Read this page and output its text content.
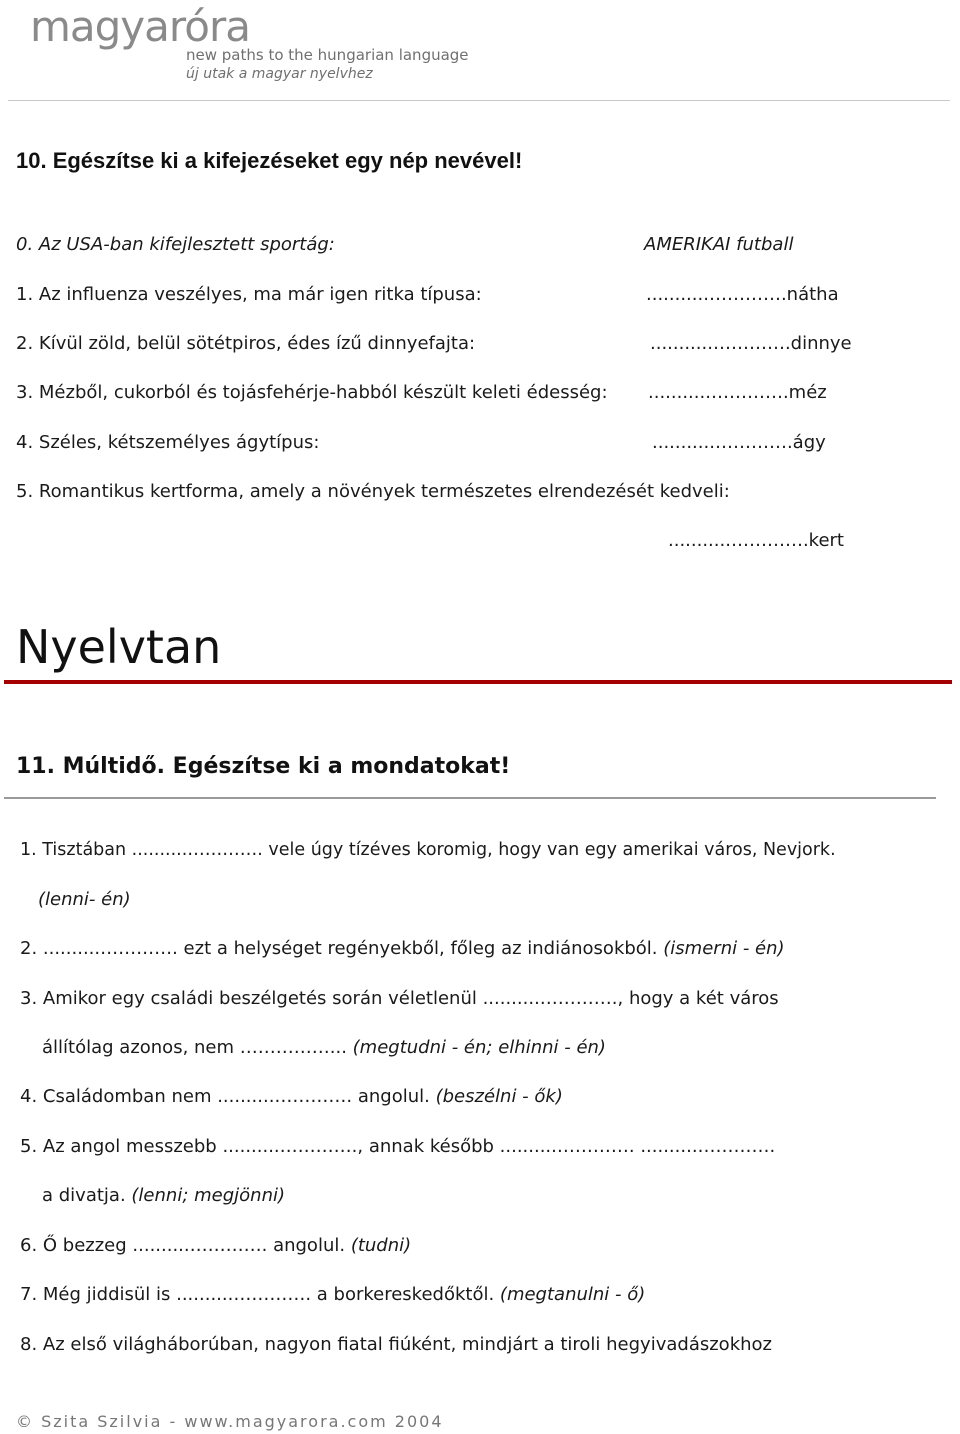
magyaróra
new paths to the hungarian language
új utak a magyar nyelvhez
10. Egészítse ki a kifejezéseket egy nép nevével!
0. Az USA-ban kifejlesztett sportág:	AMERIKAI futball
1. Az influenza veszélyes, ma már igen ritka típusa:	...........………….nátha
2. Kívül zöld, belül sötétpiros, édes ízű dinnyefajta:	...........………….dinnye
3. Mézből, cukorból és tojásfehérje-habból készült keleti édesség: ...........………….méz
4. Széles, kétszemélyes ágytípus:	...........………….ágy
5. Romantikus kertforma, amely a növények természetes elrendezését kedveli:
...........………….kert
Nyelvtan
11. Múltidő. Egészítse ki a mondatokat!
1. Tisztában ..........…………. vele úgy tízéves koromig, hogy van egy amerikai város, Nevjork.
(lenni- én)
2. ..........…………. ezt a helységet regényekből, főleg az indiánosokból. (ismerni - én)
3. Amikor egy családi beszélgetés során véletlenül ..........…………., hogy a két város
állítólag azonos, nem ……………... (megtudni - én; elhinni - én)
4. Családomban nem ..........…………. angolul. (beszélni - ők)
5. Az angol messzebb ..........…………., annak később ..........…………. ..........………….
a divatja. (lenni; megjönni)
6. Ő bezzeg ..........…………. angolul. (tudni)
7. Még jiddisül is ..........…………. a borkereskedőktől. (megtanulni - ő)
8. Az első világháborúban, nagyon fiatal fiúként, mindjárt a tiroli hegyivadászokhoz
© Szita Szilvia - www.magyarora.com 2004
